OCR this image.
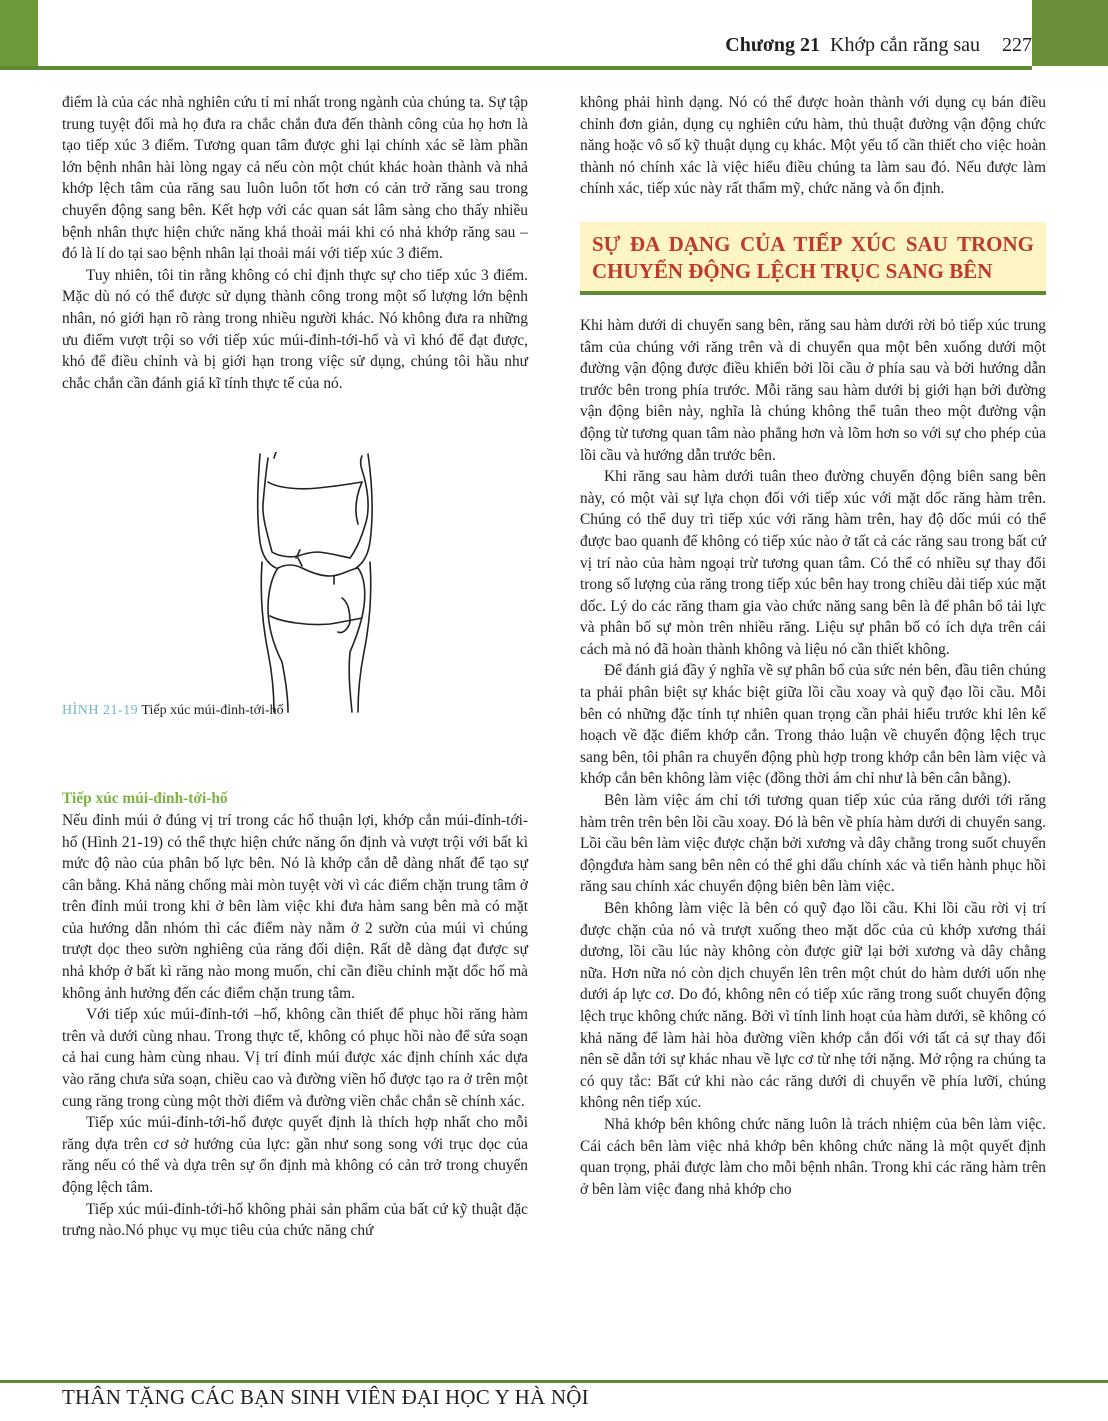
Chương 21 Khớp cắn răng sau 227

điểm là của các nhà nghiên cứu tỉ mỉ nhất trong ngành của chúng ta. Sự tập trung tuyệt đối mà họ đưa ra chắc chắn đưa đến thành công của họ hơn là tạo tiếp xúc 3 điểm. Tương quan tâm được ghi lại chính xác sẽ làm phần lớn bệnh nhân hài lòng ngay cả nếu còn một chút khác hoàn thành và nhả khớp lệch tâm của răng sau luôn luôn tốt hơn có cản trở răng sau trong chuyển động sang bên. Kết hợp với các quan sát lâm sàng cho thấy nhiều bệnh nhân thực hiện chức năng khá thoải mái khi có nhả khớp răng sau – đó là lí do tại sao bệnh nhân lại thoải mái với tiếp xúc 3 điểm.

Tuy nhiên, tôi tin rằng không có chỉ định thực sự cho tiếp xúc 3 điểm. Mặc dù nó có thể được sử dụng thành công trong một số lượng lớn bệnh nhân, nó giới hạn rõ ràng trong nhiều người khác. Nó không đưa ra những ưu điểm vượt trội so với tiếp xúc múi-đỉnh-tới-hố và vì khó để đạt được, khó để điều chỉnh và bị giới hạn trong việc sử dụng, chúng tôi hầu như chắc chắn cần đánh giá kĩ tính thực tế của nó.

HÌNH 21-19 Tiếp xúc múi-đỉnh-tới-hố
Tiếp xúc múi-đỉnh-tới-hố

Nếu đỉnh múi ở đúng vị trí trong các hố thuận lợi, khớp cắn múi-đỉnh-tới-hố (Hình 21-19) có thể thực hiện chức năng ổn định và vượt trội với bất kì mức độ nào của phân bố lực bên. Nó là khớp cắn dễ dàng nhất để tạo sự cân bằng. Khả năng chống mài mòn tuyệt vời vì các điểm chặn trung tâm ở trên đỉnh múi trong khi ở bên làm việc khi đưa hàm sang bên mà có mặt của hướng dẫn nhóm thì các điểm này nằm ở 2 sườn của múi vì chúng trượt dọc theo sườn nghiêng của răng đối diện. Rất dễ dàng đạt được sự nhả khớp ở bất kì răng nào mong muốn, chỉ cần điều chỉnh mặt dốc hố mà không ảnh hưởng đến các điểm chặn trung tâm.

Với tiếp xúc múi-đỉnh-tới –hố, không cần thiết để phục hồi răng hàm trên và dưới cùng nhau. Trong thực tế, không có phục hồi nào để sửa soạn cả hai cung hàm cùng nhau. Vị trí đỉnh múi được xác định chính xác dựa vào răng chưa sửa soạn, chiều cao và đường viền hố được tạo ra ở trên một cung răng trong cùng một thời điểm và đường viền chắc chắn sẽ chính xác.

Tiếp xúc múi-đỉnh-tới-hố được quyết định là thích hợp nhất cho mỗi răng dựa trên cơ sở hướng của lực: gần như song song với trục dọc của răng nếu có thể và dựa trên sự ổn định mà không có cản trở trong chuyển động lệch tâm.

Tiếp xúc múi-đỉnh-tới-hố không phải sản phẩm của bất cứ kỹ thuật đặc trưng nào.Nó phục vụ mục tiêu của chức năng chứ

không phải hình dạng. Nó có thể được hoàn thành với dụng cụ bán điều chỉnh đơn giản, dụng cụ nghiên cứu hàm, thủ thuật đường vận động chức năng hoặc vô số kỹ thuật dụng cụ khác. Một yếu tố cần thiết cho việc hoàn thành nó chính xác là việc hiểu điều chúng ta làm sau đó. Nếu được làm chính xác, tiếp xúc này rất thẩm mỹ, chức năng và ổn định.

SỰ ĐA DẠNG CỦA TIẾP XÚC SAU TRONG CHUYỂN ĐỘNG LỆCH TRỤC SANG BÊN

Khi hàm dưới di chuyển sang bên, răng sau hàm dưới rời bỏ tiếp xúc trung tâm của chúng với răng trên và di chuyển qua một bên xuống dưới một đường vận động được điều khiển bởi lồi cầu ở phía sau và bởi hướng dẫn trước bên trong phía trước. Mỗi răng sau hàm dưới bị giới hạn bởi đường vận động biên này, nghĩa là chúng không thể tuân theo một đường vận động từ tương quan tâm nào phẳng hơn và lõm hơn so với sự cho phép của lồi cầu và hướng dẫn trước bên.

Khi răng sau hàm dưới tuân theo đường chuyển động biên sang bên này, có một vài sự lựa chọn đối với tiếp xúc với mặt dốc răng hàm trên. Chúng có thể duy trì tiếp xúc với răng hàm trên, hay độ dốc múi có thể được bao quanh để không có tiếp xúc nào ở tất cả các răng sau trong bất cứ vị trí nào của hàm ngoại trừ tương quan tâm. Có thể có nhiều sự thay đổi trong số lượng của răng trong tiếp xúc bên hay trong chiều dài tiếp xúc mặt dốc. Lý do các răng tham gia vào chức năng sang bên là để phân bổ tải lực và phân bố sự mòn trên nhiều răng. Liệu sự phân bố có ích dựa trên cái cách mà nó đã hoàn thành không và liệu nó cần thiết không.

Để đánh giá đầy ý nghĩa về sự phân bổ của sức nén bên, đầu tiên chúng ta phải phân biệt sự khác biệt giữa lồi cầu xoay và quỹ đạo lồi cầu. Mỗi bên có những đặc tính tự nhiên quan trọng cần phải hiểu trước khi lên kế hoạch về đặc điểm khớp cắn. Trong thảo luận về chuyển động lệch trục sang bên, tôi phân ra chuyển động phù hợp trong khớp cắn bên làm việc và khớp cắn bên không làm việc (đồng thời ám chỉ như là bên cân bằng).

Bên làm việc ám chỉ tới tương quan tiếp xúc của răng dưới tới răng hàm trên trên bên lồi cầu xoay. Đó là bên về phía hàm dưới di chuyển sang. Lồi cầu bên làm việc được chặn bởi xương và dây chằng trong suốt chuyển độngđưa hàm sang bên nên có thể ghi dấu chính xác và tiến hành phục hồi răng sau chính xác chuyển động biên bên làm việc.

Bên không làm việc là bên có quỹ đạo lồi cầu. Khi lồi cầu rời vị trí được chặn của nó và trượt xuống theo mặt dốc của củ khớp xương thái dương, lồi cầu lúc này không còn được giữ lại bởi xương và dây chằng nữa. Hơn nữa nó còn dịch chuyển lên trên một chút do hàm dưới uốn nhẹ dưới áp lực cơ. Do đó, không nên có tiếp xúc răng trong suốt chuyển động lệch trục không chức năng. Bởi vì tính linh hoạt của hàm dưới, sẽ không có khả năng để làm hài hòa đường viền khớp cắn đối với tất cả sự thay đổi nên sẽ dẫn tới sự khác nhau về lực cơ từ nhẹ tới nặng. Mở rộng ra chúng ta có quy tắc: Bất cứ khi nào các răng dưới di chuyển về phía lưỡi, chúng không nên tiếp xúc.

Nhả khớp bên không chức năng luôn là trách nhiệm của bên làm việc. Cái cách bên làm việc nhả khớp bên không chức năng là một quyết định quan trọng, phải được làm cho mỗi bệnh nhân. Trong khi các răng hàm trên ở bên làm việc đang nhả khớp cho

THÂN TẶNG CÁC BẠN SINH VIÊN ĐẠI HỌC Y HÀ NỘI
